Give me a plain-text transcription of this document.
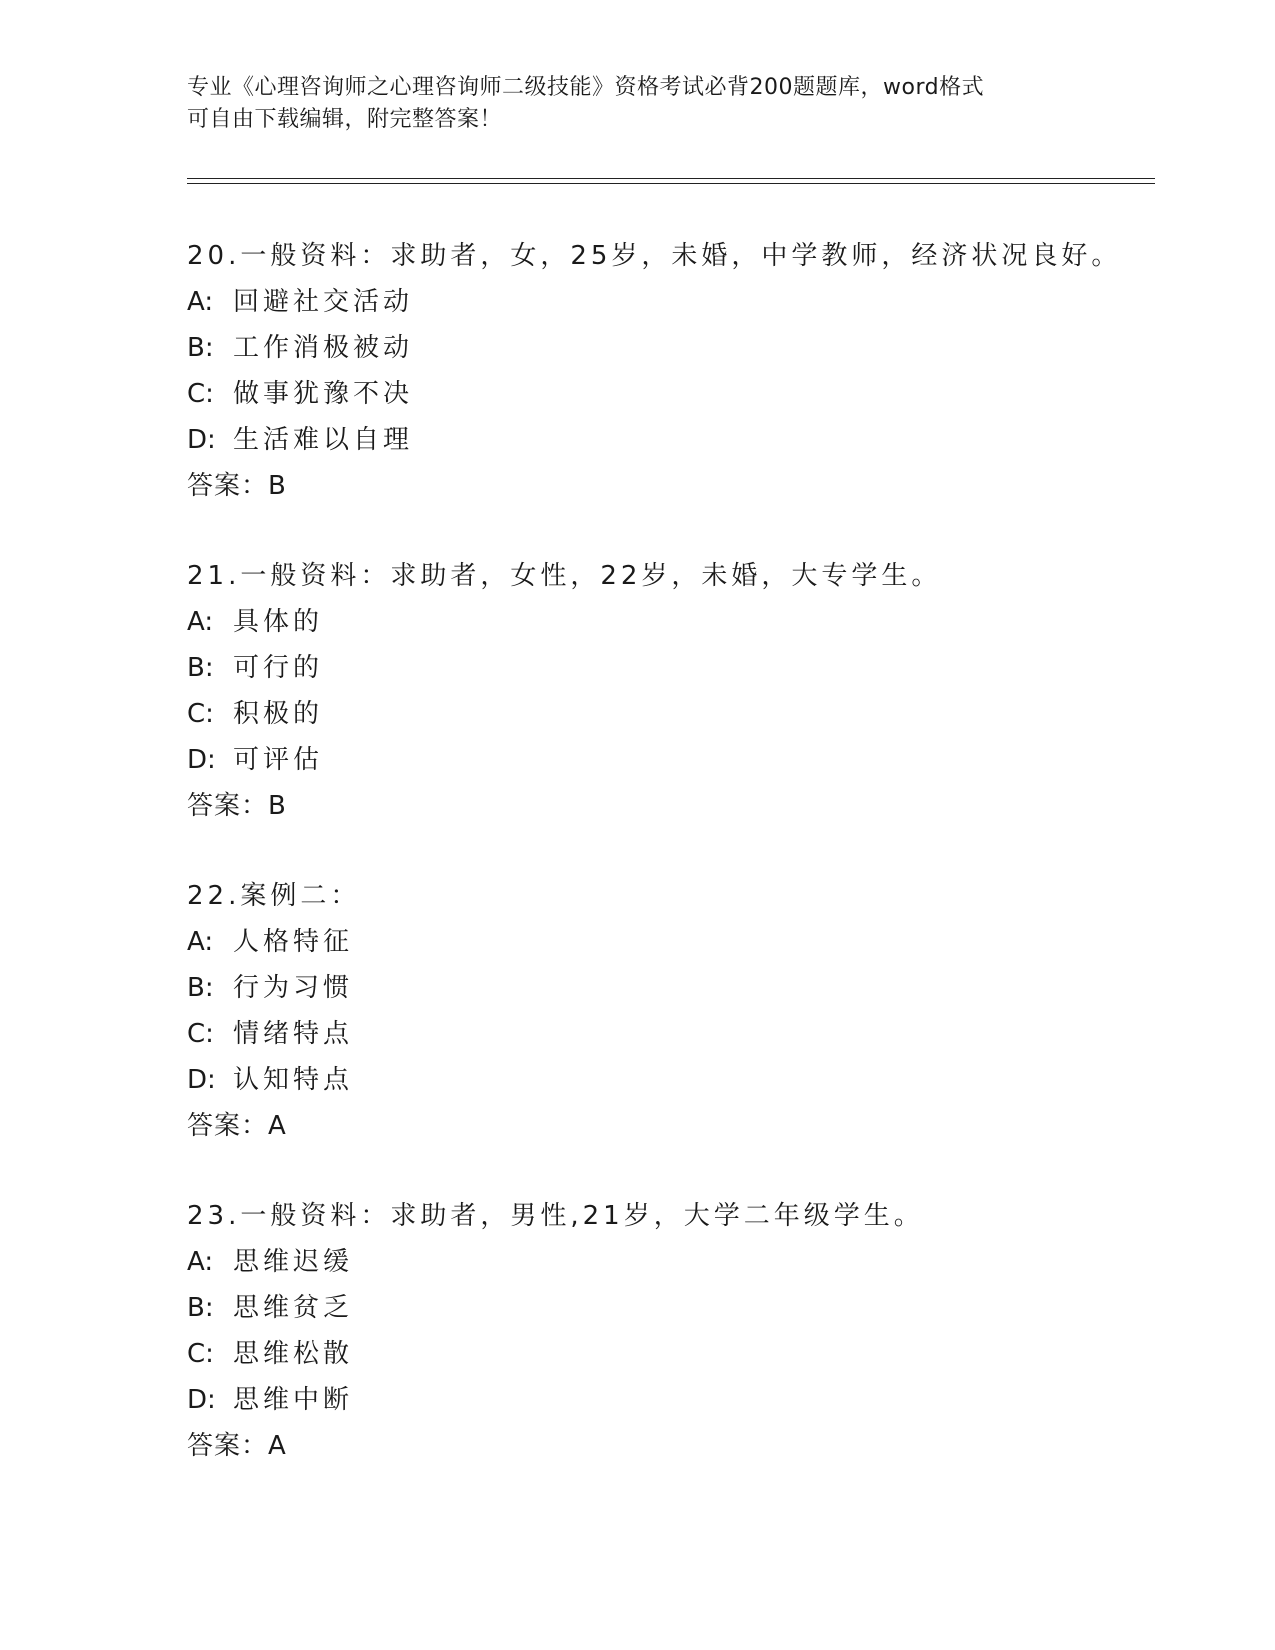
专业《心理咨询师之心理咨询师二级技能》资格考试必背200题题库，word格式
可自由下载编辑，附完整答案！
20.一般资料：求助者，女，25岁，未婚，中学教师，经济状况良好。
A: 回避社交活动
B: 工作消极被动
C: 做事犹豫不决
D: 生活难以自理
答案：B
21.一般资料：求助者，女性，22岁，未婚，大专学生。
A: 具体的
B: 可行的
C: 积极的
D: 可评估
答案：B
22.案例二：
A: 人格特征
B: 行为习惯
C: 情绪特点
D: 认知特点
答案：A
23.一般资料：求助者，男性,21岁，大学二年级学生。
A: 思维迟缓
B: 思维贫乏
C: 思维松散
D: 思维中断
答案：A
